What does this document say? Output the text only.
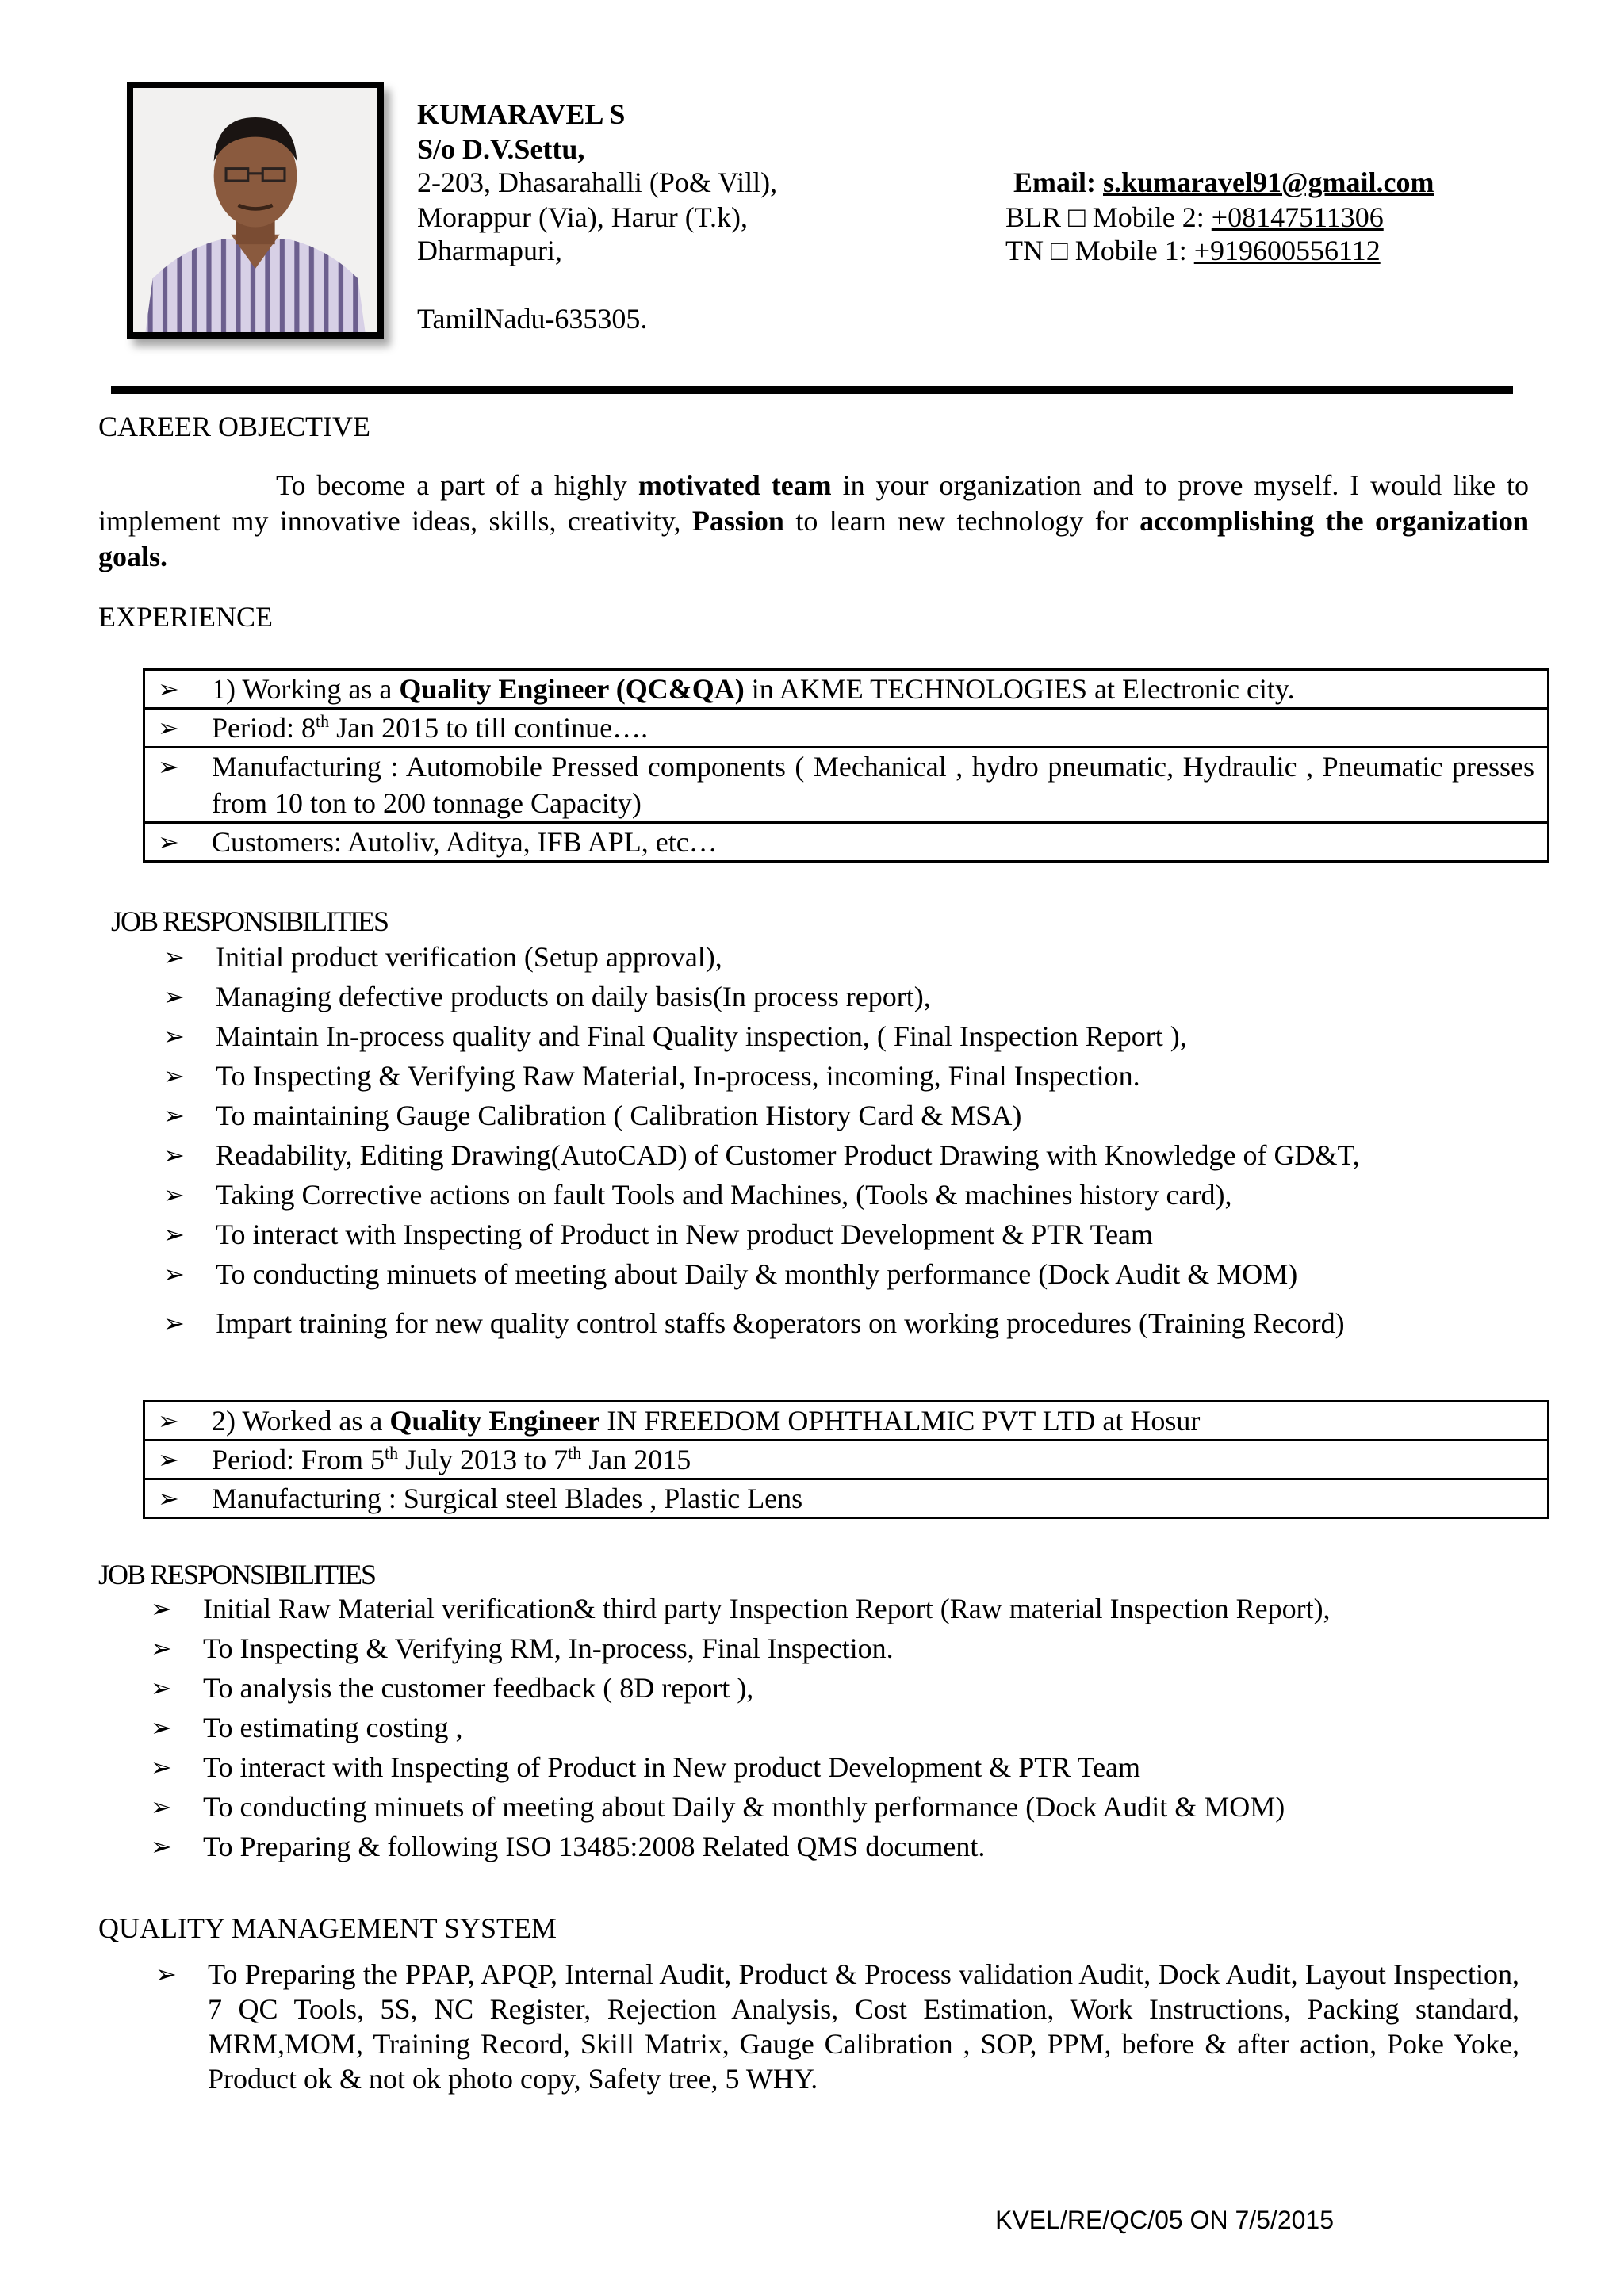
KUMARAVEL S
S/o D.V.Settu,
2-203, Dhasarahalli (Po& Vill),
Morappur (Via), Harur (T.k),
Dharmapuri,
TamilNadu-635305.
Email: s.kumaravel91@gmail.com
BLR □ Mobile 2: +08147511306
TN □ Mobile 1: +919600556112
CAREER OBJECTIVE
To become a part of a highly motivated team in your organization and to prove myself. I would like to implement my innovative ideas, skills, creativity, Passion to learn new technology for accomplishing the organization goals.
EXPERIENCE
➢ 1) Working as a Quality Engineer (QC&QA) in AKME TECHNOLOGIES at Electronic city.
➢ Period: 8th Jan 2015 to till continue….
➢ Manufacturing : Automobile Pressed components ( Mechanical , hydro pneumatic, Hydraulic , Pneumatic presses from 10 ton to 200 tonnage Capacity)
➢ Customers: Autoliv, Aditya, IFB APL, etc…
JOB RESPONSIBILITIES
➢ Initial product verification (Setup approval),
➢ Managing defective products on daily basis(In process report),
➢ Maintain In-process quality and Final Quality inspection, ( Final Inspection Report ),
➢ To Inspecting & Verifying Raw Material, In-process, incoming, Final Inspection.
➢ To maintaining Gauge Calibration ( Calibration History Card & MSA)
➢ Readability, Editing Drawing(AutoCAD) of Customer Product Drawing with Knowledge of GD&T,
➢ Taking Corrective actions on fault Tools and Machines, (Tools & machines history card),
➢ To interact with Inspecting of Product in New product Development & PTR Team
➢ To conducting minuets of meeting about Daily & monthly performance (Dock Audit & MOM)
➢ Impart training for new quality control staffs &operators on working procedures (Training Record)
➢ 2) Worked as a Quality Engineer IN FREEDOM OPHTHALMIC PVT LTD at Hosur
➢ Period: From 5th July 2013 to 7th Jan 2015
➢ Manufacturing : Surgical steel Blades , Plastic Lens
JOB RESPONSIBILITIES
➢ Initial Raw Material verification& third party Inspection Report (Raw material Inspection Report),
➢ To Inspecting & Verifying RM, In-process, Final Inspection.
➢ To analysis the customer feedback ( 8D report ),
➢ To estimating costing ,
➢ To interact with Inspecting of Product in New product Development & PTR Team
➢ To conducting minuets of meeting about Daily & monthly performance (Dock Audit & MOM)
➢ To Preparing & following ISO 13485:2008 Related QMS document.
QUALITY MANAGEMENT SYSTEM
➢ To Preparing the PPAP, APQP, Internal Audit, Product & Process validation Audit, Dock Audit, Layout Inspection, 7 QC Tools, 5S, NC Register, Rejection Analysis, Cost Estimation, Work Instructions, Packing standard, MRM,MOM, Training Record, Skill Matrix, Gauge Calibration , SOP, PPM, before & after action, Poke Yoke, Product ok & not ok photo copy, Safety tree, 5 WHY.
KVEL/RE/QC/05 ON 7/5/2015
